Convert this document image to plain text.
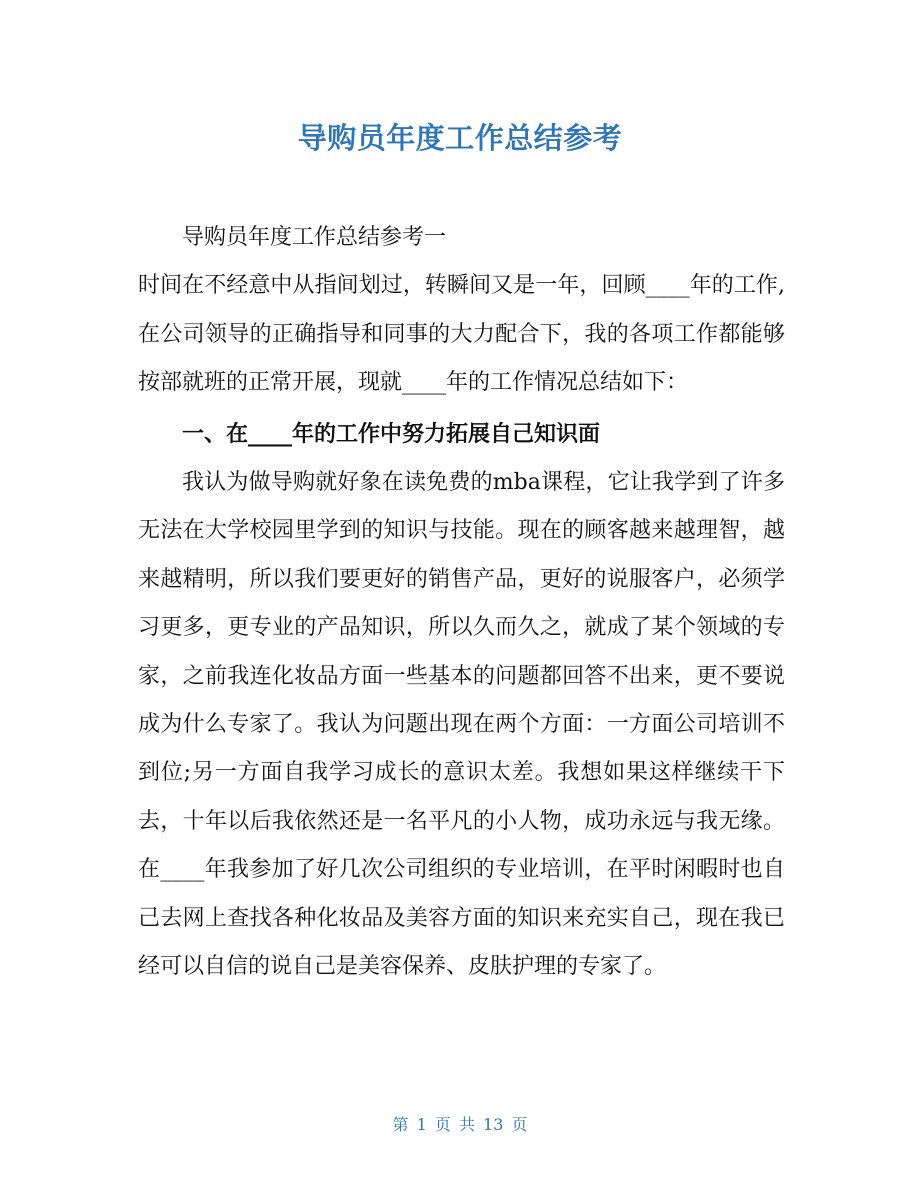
导购员年度工作总结参考

导购员年度工作总结参考一

时间在不经意中从指间划过，转瞬间又是一年，回顾____年的工作,在公司领导的正确指导和同事的大力配合下，我的各项工作都能够按部就班的正常开展，现就____年的工作情况总结如下：

一、在____年的工作中努力拓展自己知识面

我认为做导购就好象在读免费的mba课程，它让我学到了许多无法在大学校园里学到的知识与技能。现在的顾客越来越理智，越来越精明，所以我们要更好的销售产品，更好的说服客户，必须学习更多，更专业的产品知识，所以久而久之，就成了某个领域的专家，之前我连化妆品方面一些基本的问题都回答不出来，更不要说成为什么专家了。我认为问题出现在两个方面：一方面公司培训不到位;另一方面自我学习成长的意识太差。我想如果这样继续干下去，十年以后我依然还是一名平凡的小人物，成功永远与我无缘。在____年我参加了好几次公司组织的专业培训，在平时闲暇时也自己去网上查找各种化妆品及美容方面的知识来充实自己，现在我已经可以自信的说自己是美容保养、皮肤护理的专家了。

第 1 页 共 13 页
